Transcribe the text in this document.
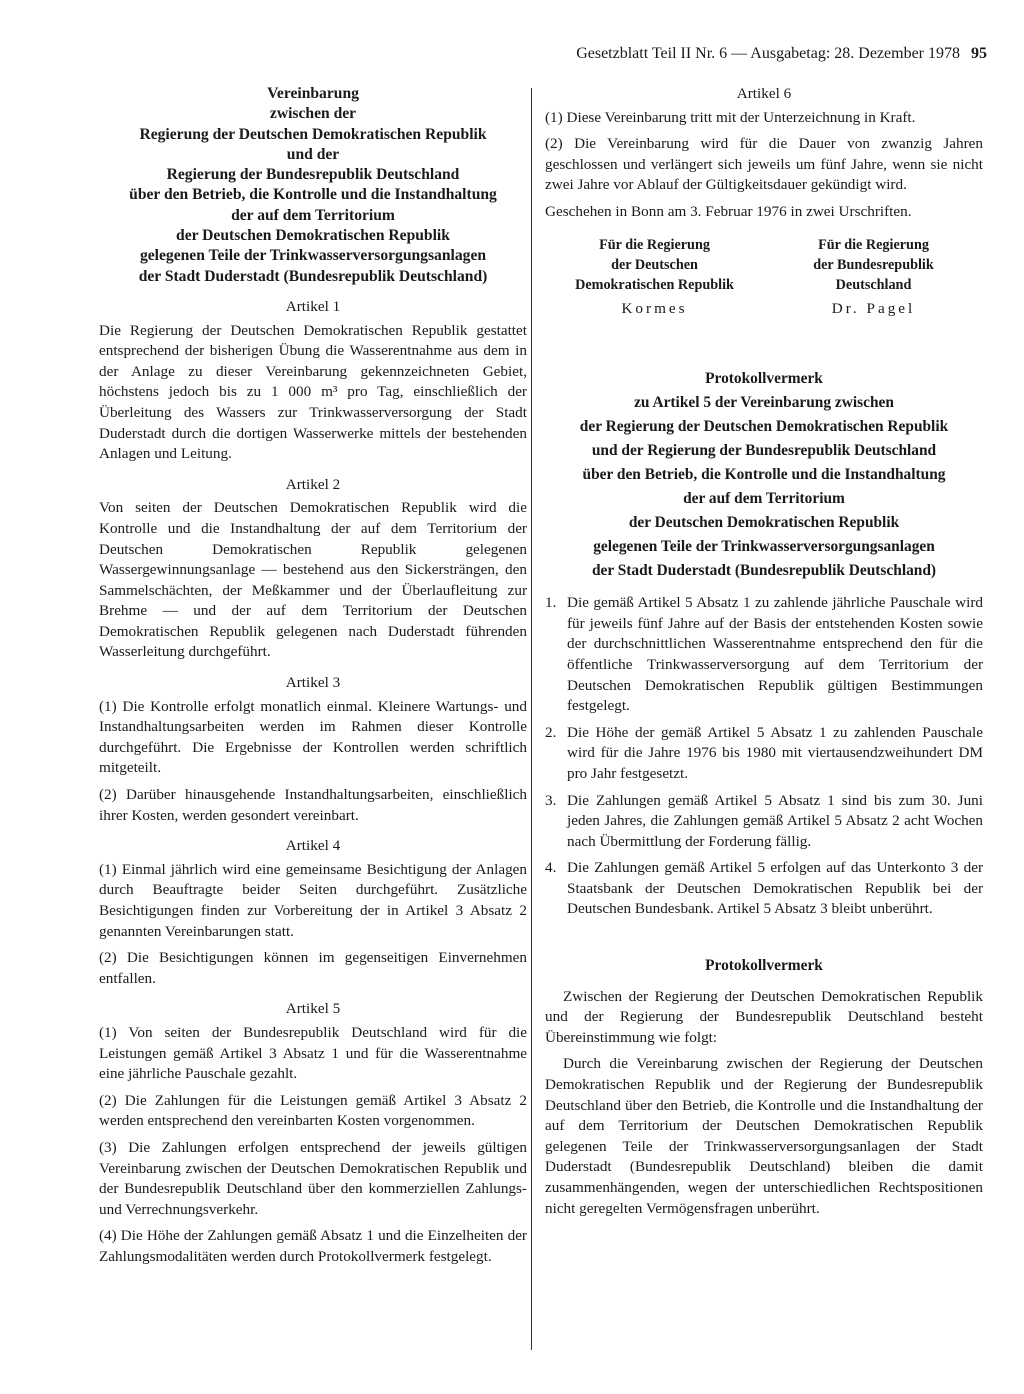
Gesetzblatt Teil II Nr. 6 — Ausgabetag: 28. Dezember 1978 95
Vereinbarung
zwischen der
Regierung der Deutschen Demokratischen Republik
und der
Regierung der Bundesrepublik Deutschland
über den Betrieb, die Kontrolle und die Instandhaltung
der auf dem Territorium
der Deutschen Demokratischen Republik
gelegenen Teile der Trinkwasserversorgungsanlagen
der Stadt Duderstadt (Bundesrepublik Deutschland)
Artikel 1

Die Regierung der Deutschen Demokratischen Republik gestattet entsprechend der bisherigen Übung die Wasserentnahme aus dem in der Anlage zu dieser Vereinbarung gekennzeichneten Gebiet, höchstens jedoch bis zu 1 000 m³ pro Tag, einschließlich der Überleitung des Wassers zur Trinkwasserversorgung der Stadt Duderstadt durch die dortigen Wasserwerke mittels der bestehenden Anlagen und Leitung.

Artikel 2

Von seiten der Deutschen Demokratischen Republik wird die Kontrolle und die Instandhaltung der auf dem Territorium der Deutschen Demokratischen Republik gelegenen Wassergewinnungsanlage — bestehend aus den Sickersträngen, den Sammelschächten, der Meßkammer und der Überlaufleitung zur Brehme — und der auf dem Territorium der Deutschen Demokratischen Republik gelegenen nach Duderstadt führenden Wasserleitung durchgeführt.

Artikel 3

(1) Die Kontrolle erfolgt monatlich einmal. Kleinere Wartungs- und Instandhaltungsarbeiten werden im Rahmen dieser Kontrolle durchgeführt. Die Ergebnisse der Kontrollen werden schriftlich mitgeteilt.

(2) Darüber hinausgehende Instandhaltungsarbeiten, einschließlich ihrer Kosten, werden gesondert vereinbart.

Artikel 4

(1) Einmal jährlich wird eine gemeinsame Besichtigung der Anlagen durch Beauftragte beider Seiten durchgeführt. Zusätzliche Besichtigungen finden zur Vorbereitung der in Artikel 3 Absatz 2 genannten Vereinbarungen statt.

(2) Die Besichtigungen können im gegenseitigen Einvernehmen entfallen.

Artikel 5

(1) Von seiten der Bundesrepublik Deutschland wird für die Leistungen gemäß Artikel 3 Absatz 1 und für die Wasserentnahme eine jährliche Pauschale gezahlt.

(2) Die Zahlungen für die Leistungen gemäß Artikel 3 Absatz 2 werden entsprechend den vereinbarten Kosten vorgenommen.

(3) Die Zahlungen erfolgen entsprechend der jeweils gültigen Vereinbarung zwischen der Deutschen Demokratischen Republik und der Bundesrepublik Deutschland über den kommerziellen Zahlungs- und Verrechnungsverkehr.

(4) Die Höhe der Zahlungen gemäß Absatz 1 und die Einzelheiten der Zahlungsmodalitäten werden durch Protokollvermerk festgelegt.

Artikel 6

(1) Diese Vereinbarung tritt mit der Unterzeichnung in Kraft.

(2) Die Vereinbarung wird für die Dauer von zwanzig Jahren geschlossen und verlängert sich jeweils um fünf Jahre, wenn sie nicht zwei Jahre vor Ablauf der Gültigkeitsdauer gekündigt wird.

Geschehen in Bonn am 3. Februar 1976 in zwei Urschriften.

Für die Regierung
der Deutschen
Demokratischen Republik
Kormes
Für die Regierung
der Bundesrepublik
Deutschland
Dr. Pagel
Protokollvermerk
zu Artikel 5 der Vereinbarung zwischen
der Regierung der Deutschen Demokratischen Republik
und der Regierung der Bundesrepublik Deutschland
über den Betrieb, die Kontrolle und die Instandhaltung
der auf dem Territorium
der Deutschen Demokratischen Republik
gelegenen Teile der Trinkwasserversorgungsanlagen
der Stadt Duderstadt (Bundesrepublik Deutschland)
1. Die gemäß Artikel 5 Absatz 1 zu zahlende jährliche Pauschale wird für jeweils fünf Jahre auf der Basis der entstehenden Kosten sowie der durchschnittlichen Wasserentnahme entsprechend den für die öffentliche Trinkwasserversorgung auf dem Territorium der Deutschen Demokratischen Republik gültigen Bestimmungen festgelegt.
2. Die Höhe der gemäß Artikel 5 Absatz 1 zu zahlenden Pauschale wird für die Jahre 1976 bis 1980 mit viertausendzweihundert DM pro Jahr festgesetzt.
3. Die Zahlungen gemäß Artikel 5 Absatz 1 sind bis zum 30. Juni jeden Jahres, die Zahlungen gemäß Artikel 5 Absatz 2 acht Wochen nach Übermittlung der Forderung fällig.
4. Die Zahlungen gemäß Artikel 5 erfolgen auf das Unterkonto 3 der Staatsbank der Deutschen Demokratischen Republik bei der Deutschen Bundesbank. Artikel 5 Absatz 3 bleibt unberührt.
Protokollvermerk

Zwischen der Regierung der Deutschen Demokratischen Republik und der Regierung der Bundesrepublik Deutschland besteht Übereinstimmung wie folgt:

Durch die Vereinbarung zwischen der Regierung der Deutschen Demokratischen Republik und der Regierung der Bundesrepublik Deutschland über den Betrieb, die Kontrolle und die Instandhaltung der auf dem Territorium der Deutschen Demokratischen Republik gelegenen Teile der Trinkwasserversorgungsanlagen der Stadt Duderstadt (Bundesrepublik Deutschland) bleiben die damit zusammenhängenden, wegen der unterschiedlichen Rechtspositionen nicht geregelten Vermögensfragen unberührt.
